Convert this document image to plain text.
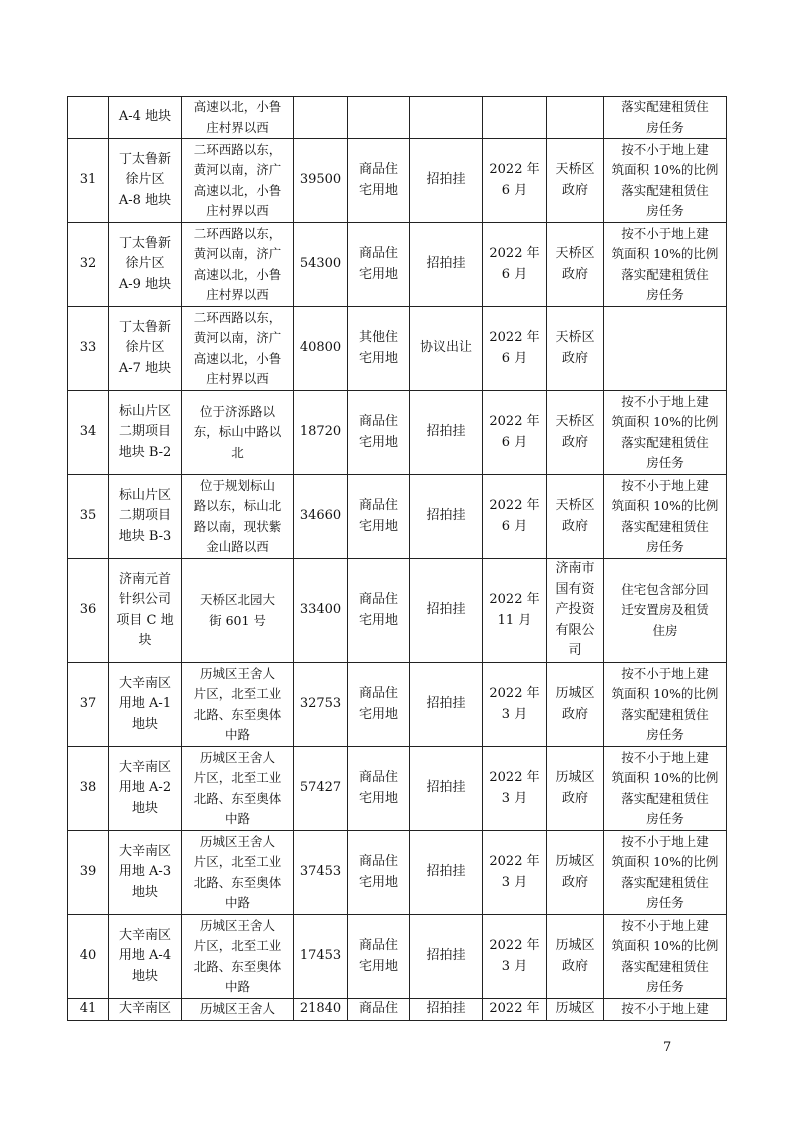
	A-4 地块	高速以北，小鲁
庄村界以西						落实配建租赁住
房任务
31	丁太鲁新
徐片区
A-8 地块	二环西路以东，
黄河以南，济广
高速以北，小鲁
庄村界以西	39500	商品住
宅用地	招拍挂	2022 年
6 月	天桥区
政府	按不小于地上建
筑面积 10%的比例
落实配建租赁住
房任务
32	丁太鲁新
徐片区
A-9 地块	二环西路以东，
黄河以南，济广
高速以北，小鲁
庄村界以西	54300	商品住
宅用地	招拍挂	2022 年
6 月	天桥区
政府	按不小于地上建
筑面积 10%的比例
落实配建租赁住
房任务
33	丁太鲁新
徐片区
A-7 地块	二环西路以东，
黄河以南，济广
高速以北，小鲁
庄村界以西	40800	其他住
宅用地	协议出让	2022 年
6 月	天桥区
政府	
34	标山片区
二期项目
地块 B-2	位于济泺路以
东，标山中路以
北	18720	商品住
宅用地	招拍挂	2022 年
6 月	天桥区
政府	按不小于地上建
筑面积 10%的比例
落实配建租赁住
房任务
35	标山片区
二期项目
地块 B-3	位于规划标山
路以东，标山北
路以南，现状紫
金山路以西	34660	商品住
宅用地	招拍挂	2022 年
6 月	天桥区
政府	按不小于地上建
筑面积 10%的比例
落实配建租赁住
房任务
36	济南元首
针织公司
项目 C 地
块	天桥区北园大
街 601 号	33400	商品住
宅用地	招拍挂	2022 年
11 月	济南市
国有资
产投资
有限公
司	住宅包含部分回
迁安置房及租赁
住房
37	大辛南区
用地 A-1
地块	历城区王舍人
片区，北至工业
北路、东至奥体
中路	32753	商品住
宅用地	招拍挂	2022 年
3 月	历城区
政府	按不小于地上建
筑面积 10%的比例
落实配建租赁住
房任务
38	大辛南区
用地 A-2
地块	历城区王舍人
片区，北至工业
北路、东至奥体
中路	57427	商品住
宅用地	招拍挂	2022 年
3 月	历城区
政府	按不小于地上建
筑面积 10%的比例
落实配建租赁住
房任务
39	大辛南区
用地 A-3
地块	历城区王舍人
片区，北至工业
北路、东至奥体
中路	37453	商品住
宅用地	招拍挂	2022 年
3 月	历城区
政府	按不小于地上建
筑面积 10%的比例
落实配建租赁住
房任务
40	大辛南区
用地 A-4
地块	历城区王舍人
片区，北至工业
北路、东至奥体
中路	17453	商品住
宅用地	招拍挂	2022 年
3 月	历城区
政府	按不小于地上建
筑面积 10%的比例
落实配建租赁住
房任务
41	大辛南区	历城区王舍人	21840	商品住	招拍挂	2022 年	历城区	按不小于地上建
7
